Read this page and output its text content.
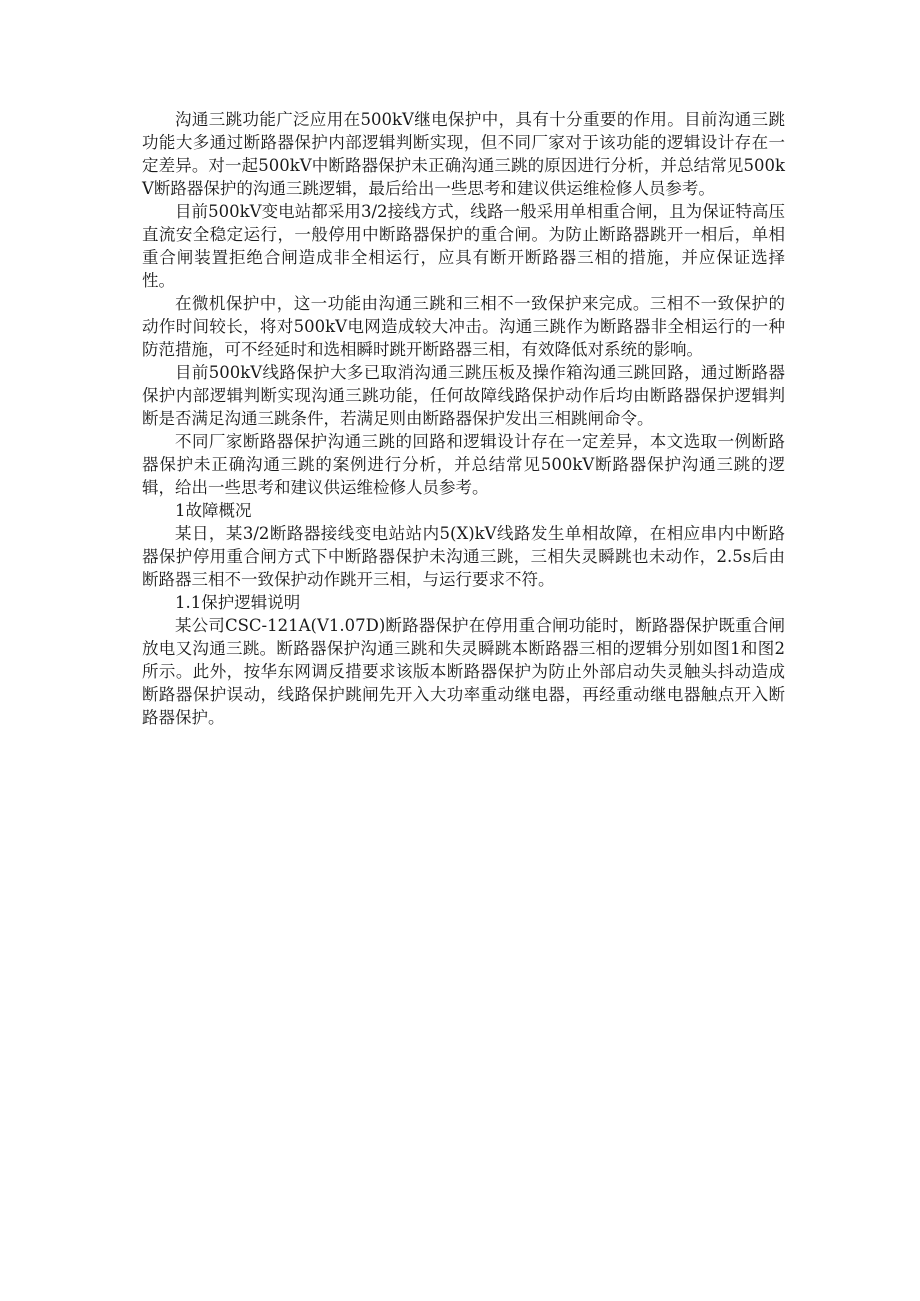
沟通三跳功能广泛应用在500kV继电保护中，具有十分重要的作用。目前沟通三跳功能大多通过断路器保护内部逻辑判断实现，但不同厂家对于该功能的逻辑设计存在一定差异。对一起500kV中断路器保护未正确沟通三跳的原因进行分析，并总结常见500kV断路器保护的沟通三跳逻辑，最后给出一些思考和建议供运维检修人员参考。

目前500kV变电站都采用3/2接线方式，线路一般采用单相重合闸，且为保证特高压直流安全稳定运行，一般停用中断路器保护的重合闸。为防止断路器跳开一相后，单相重合闸装置拒绝合闸造成非全相运行，应具有断开断路器三相的措施，并应保证选择性。

在微机保护中，这一功能由沟通三跳和三相不一致保护来完成。三相不一致保护的动作时间较长，将对500kV电网造成较大冲击。沟通三跳作为断路器非全相运行的一种防范措施，可不经延时和选相瞬时跳开断路器三相，有效降低对系统的影响。

目前500kV线路保护大多已取消沟通三跳压板及操作箱沟通三跳回路，通过断路器保护内部逻辑判断实现沟通三跳功能，任何故障线路保护动作后均由断路器保护逻辑判断是否满足沟通三跳条件，若满足则由断路器保护发出三相跳闸命令。

不同厂家断路器保护沟通三跳的回路和逻辑设计存在一定差异，本文选取一例断路器保护未正确沟通三跳的案例进行分析，并总结常见500kV断路器保护沟通三跳的逻辑，给出一些思考和建议供运维检修人员参考。

1故障概况

某日，某3/2断路器接线变电站站内5(X)kV线路发生单相故障，在相应串内中断路器保护停用重合闸方式下中断路器保护未沟通三跳，三相失灵瞬跳也未动作，2.5s后由断路器三相不一致保护动作跳开三相，与运行要求不符。

1.1保护逻辑说明

某公司CSC-121A(V1.07D)断路器保护在停用重合闸功能时，断路器保护既重合闸放电又沟通三跳。断路器保护沟通三跳和失灵瞬跳本断路器三相的逻辑分别如图1和图2所示。此外，按华东网调反措要求该版本断路器保护为防止外部启动失灵触头抖动造成断路器保护误动，线路保护跳闸先开入大功率重动继电器，再经重动继电器触点开入断路器保护。
